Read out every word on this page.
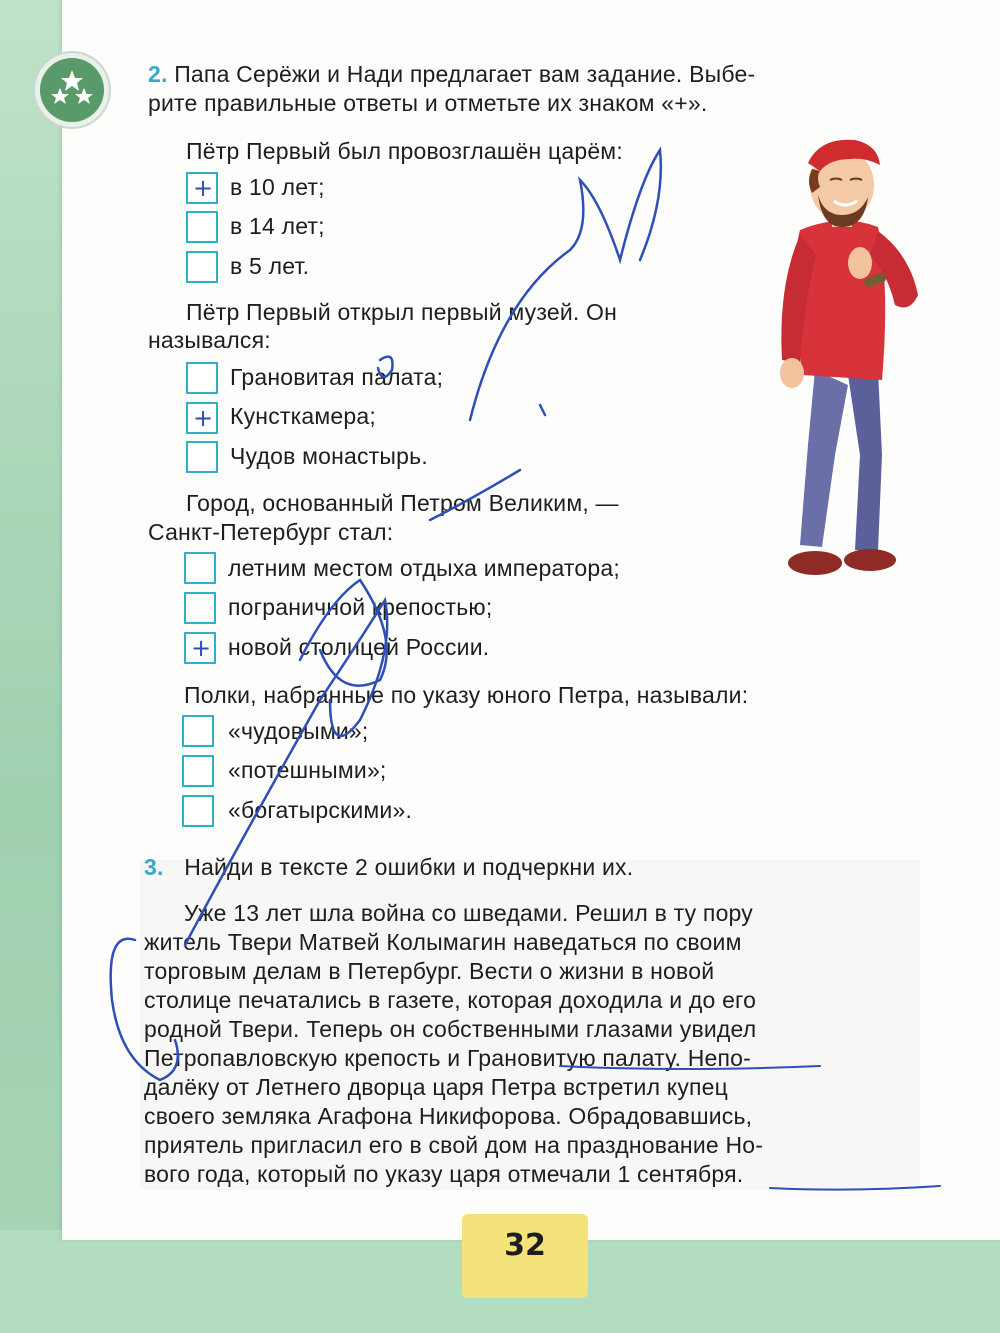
2. Папа Серёжи и Нади предлагает вам задание. Выбе-
рите правильные ответы и отметьте их знаком «+».
Пётр Первый был провозглашён царём:
+ в 10 лет;
в 14 лет;
в 5 лет.
Пётр Первый открыл первый музей. Он
назывался:
Грановитая палата;
+ Кунсткамера;
Чудов монастырь.
Город, основанный Петром Великим, —
Санкт-Петербург стал:
летним местом отдыха императора;
пограничной крепостью;
+ новой столицей России.
Полки, набранные по указу юного Петра, называли:
«чудовыми»;
«потешными»;
«богатырскими».
3. Найди в тексте 2 ошибки и подчеркни их.
Уже 13 лет шла война со шведами. Решил в ту пору
житель Твери Матвей Колымагин наведаться по своим
торговым делам в Петербург. Вести о жизни в новой
столице печатались в газете, которая доходила и до его
родной Твери. Теперь он собственными глазами увидел
Петропавловскую крепость и Грановитую палату. Непо-
далёку от Летнего дворца царя Петра встретил купец
своего земляка Агафона Никифорова. Обрадовавшись,
приятель пригласил его в свой дом на празднование Но-
вого года, который по указу царя отмечали 1 сентября.
32
